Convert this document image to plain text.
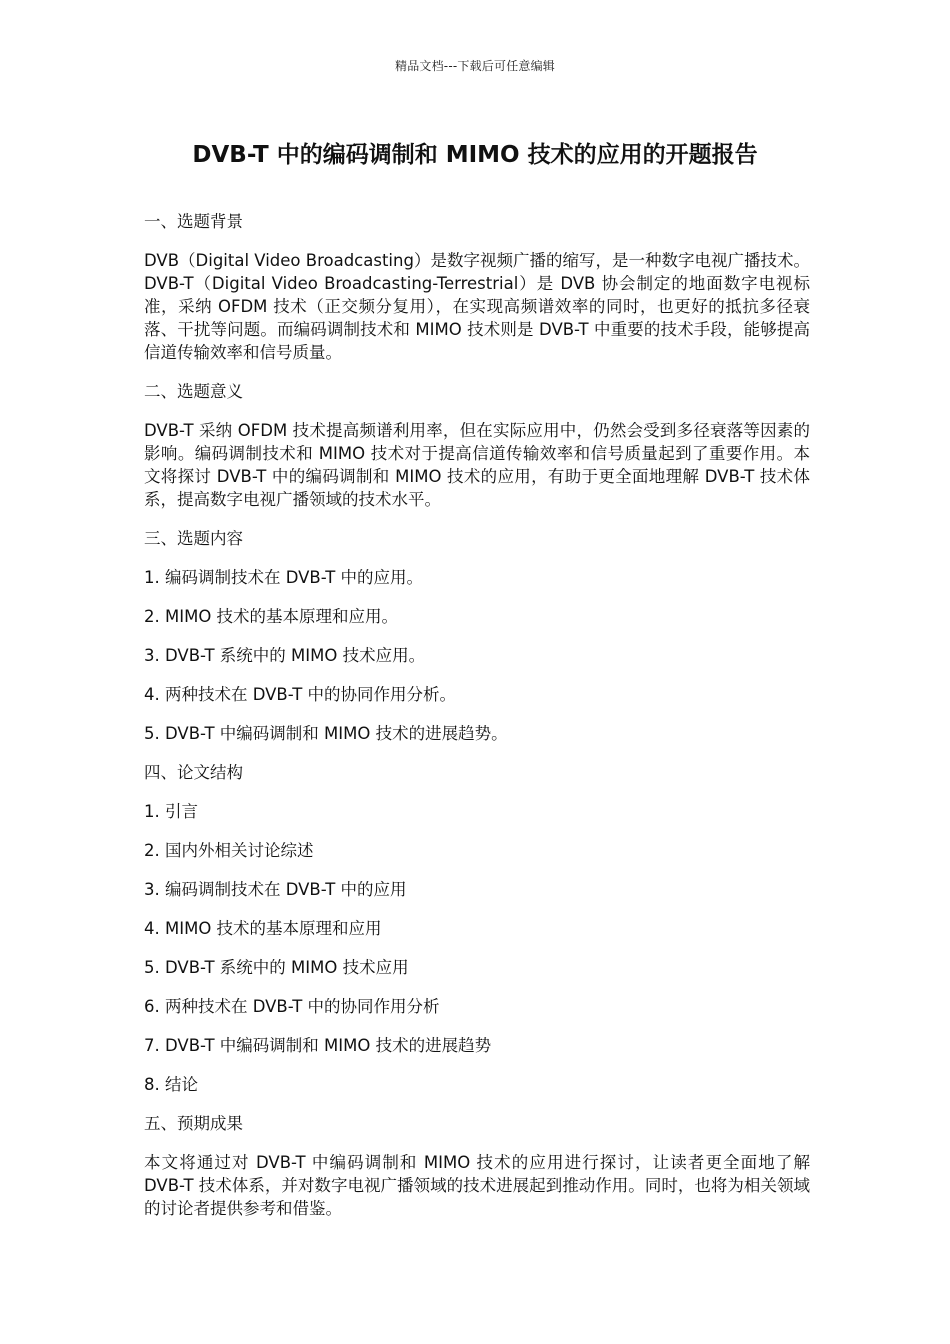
精品文档---下载后可任意编辑
DVB-T 中的编码调制和 MIMO 技术的应用的开题报告
一、选题背景
DVB（Digital Video Broadcasting）是数字视频广播的缩写，是一种数字电视广播技术。DVB-T（Digital Video Broadcasting-Terrestrial）是 DVB 协会制定的地面数字电视标准，采纳 OFDM 技术（正交频分复用），在实现高频谱效率的同时，也更好的抵抗多径衰落、干扰等问题。而编码调制技术和 MIMO 技术则是 DVB-T 中重要的技术手段，能够提高信道传输效率和信号质量。
二、选题意义
DVB-T 采纳 OFDM 技术提高频谱利用率，但在实际应用中，仍然会受到多径衰落等因素的影响。编码调制技术和 MIMO 技术对于提高信道传输效率和信号质量起到了重要作用。本文将探讨 DVB-T 中的编码调制和 MIMO 技术的应用，有助于更全面地理解 DVB-T 技术体系，提高数字电视广播领域的技术水平。
三、选题内容
1. 编码调制技术在 DVB-T 中的应用。
2. MIMO 技术的基本原理和应用。
3. DVB-T 系统中的 MIMO 技术应用。
4. 两种技术在 DVB-T 中的协同作用分析。
5. DVB-T 中编码调制和 MIMO 技术的进展趋势。
四、论文结构
1. 引言
2. 国内外相关讨论综述
3. 编码调制技术在 DVB-T 中的应用
4. MIMO 技术的基本原理和应用
5. DVB-T 系统中的 MIMO 技术应用
6. 两种技术在 DVB-T 中的协同作用分析
7. DVB-T 中编码调制和 MIMO 技术的进展趋势
8. 结论
五、预期成果
本文将通过对 DVB-T 中编码调制和 MIMO 技术的应用进行探讨，让读者更全面地了解 DVB-T 技术体系，并对数字电视广播领域的技术进展起到推动作用。同时，也将为相关领域的讨论者提供参考和借鉴。
